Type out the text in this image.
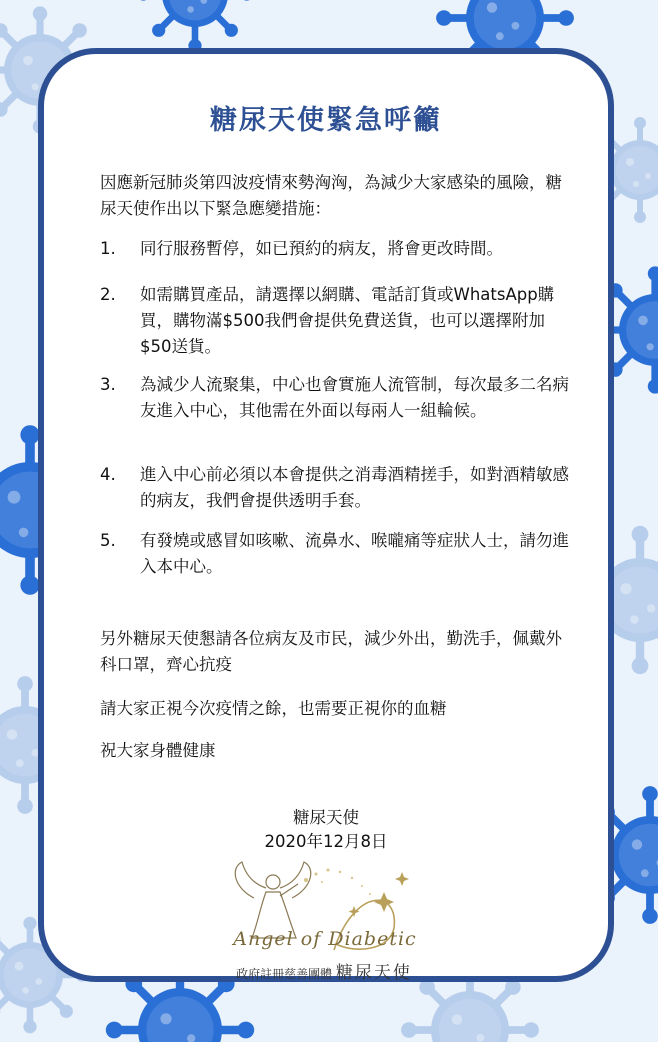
糖尿天使緊急呼籲

因應新冠肺炎第四波疫情來勢洶洶，為減少大家感染的風險，糖尿天使作出以下緊急應變措施：

1.	同行服務暫停，如已預約的病友，將會更改時間。

2.	如需購買產品，請選擇以網購、電話訂貨或WhatsApp購買，購物滿$500我們會提供免費送貨，也可以選擇附加$50送貨。

3.	為減少人流聚集，中心也會實施人流管制，每次最多二名病友進入中心，其他需在外面以每兩人一組輪候。

4.	進入中心前必須以本會提供之消毒酒精搓手，如對酒精敏感的病友，我們會提供透明手套。

5.	有發燒或感冒如咳嗽、流鼻水、喉嚨痛等症狀人士，請勿進入本中心。

另外糖尿天使懇請各位病友及市民，減少外出，勤洗手，佩戴外科口罩，齊心抗疫

請大家正視今次疫情之餘，也需要正視你的血糖

祝大家身體健康

糖尿天使
2020年12月8日
Angel of Diabetic
政府註冊慈善團體 糖尿天使
